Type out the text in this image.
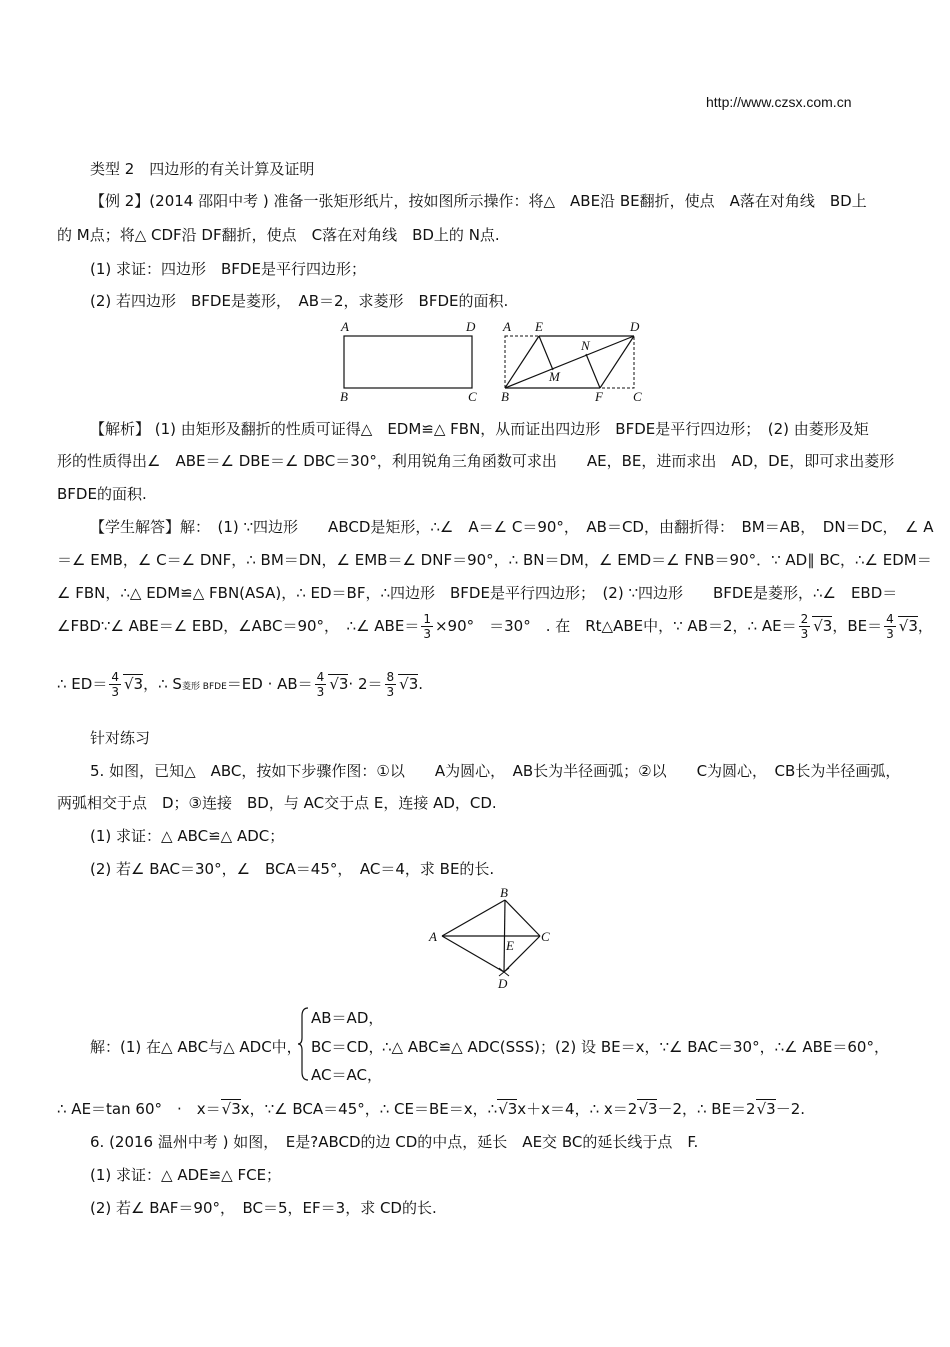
http://www.czsx.com.cn
类型 2　四边形的有关计算及证明
【例 2】(2014 邵阳中考 ) 准备一张矩形纸片，按如图所示操作：将△　ABE沿 BE翻折，使点　A落在对角线　BD上
的 M点；将△ CDF沿 DF翻折，使点　C落在对角线　BD上的 N点.
(1) 求证：四边形　BFDE是平行四边形；
(2) 若四边形　BFDE是菱形，　AB＝2，求菱形　BFDE的面积.
A	D
B	C
A E	D
N
M
B	F C
【解析】 (1) 由矩形及翻折的性质可证得△　EDM≌△ FBN，从而证出四边形　BFDE是平行四边形；　(2) 由菱形及矩
形的性质得出∠　ABE＝∠ DBE＝∠ DBC＝30°，利用锐角三角函数可求出　　AE，BE，进而求出　AD，DE，即可求出菱形
BFDE的面积.
【学生解答】解：　(1) ∵四边形　　ABCD是矩形，∴∠　A＝∠ C＝90°，　AB＝CD，由翻折得：　BM＝AB，　DN＝DC，　∠ A
＝∠ EMB，∠ C＝∠ DNF，∴ BM＝DN，∠ EMB＝∠ DNF＝90°，∴ BN＝DM，∠ EMD＝∠ FNB＝90°．∵ AD∥ BC，∴∠ EDM＝
∠ FBN，∴△ EDM≌△ FBN(ASA)，∴ ED＝BF，∴四边形　BFDE是平行四边形；　(2) ∵四边形　　BFDE是菱形，∴∠　EBD＝
∠FBD∵∠ ABE＝∠ EBD，∠ABC＝90°，　∴∠ $ABE= \frac{1}{3} \times 90^\circ$　＝30°　. 在　Rt△ABE中，∵ AB＝2，∴ $AE= \frac{2}{3}$ √ 3，$BE= \frac{4}{3}$ √ 3，
∴ $ED= \frac{4}{3}$ √ 3，∴ S菱形 BFDE＝ED · $AB= \frac{4}{3}$ √ $3\cdot 2= \frac{8}{3}$ √ 3.
针对练习
5. 如图，已知△　ABC，按如下步骤作图：①以　　A为圆心，　AB长为半径画弧；②以　　C为圆心，　CB长为半径画弧，
两弧相交于点　D；③连接　BD，与 AC交于点 E，连接 AD，CD.
(1) 求证：△ ABC≌△ ADC；
(2) 若∠ BAC＝30°，∠　BCA＝45°，　AC＝4，求 BE的长.
B
A
E
C
D
解：(1) 在△ ABC与△ ADC中，
AB＝AD，
BC＝CD，
AC＝AC，
∴△ ABC≌△ ADC(SSS)；(2) 设 BE＝x，∵∠ BAC＝30°，∴∠ ABE＝60°，
∴ AE＝tan 60°　·　x＝ √ 3x，∵∠ BCA＝45°，∴ CE＝BE＝x，∴ √ 3x＋x＝4，∴ x＝2 √ 3－2，∴ BE＝2 √ 3－2.
6. (2016 温州中考 ) 如图，　E是?ABCD的边 CD的中点，延长　AE交 BC的延长线于点　F.
(1) 求证：△ ADE≌△ FCE；
(2) 若∠ BAF＝90°，　BC＝5，EF＝3，求 CD的长.
